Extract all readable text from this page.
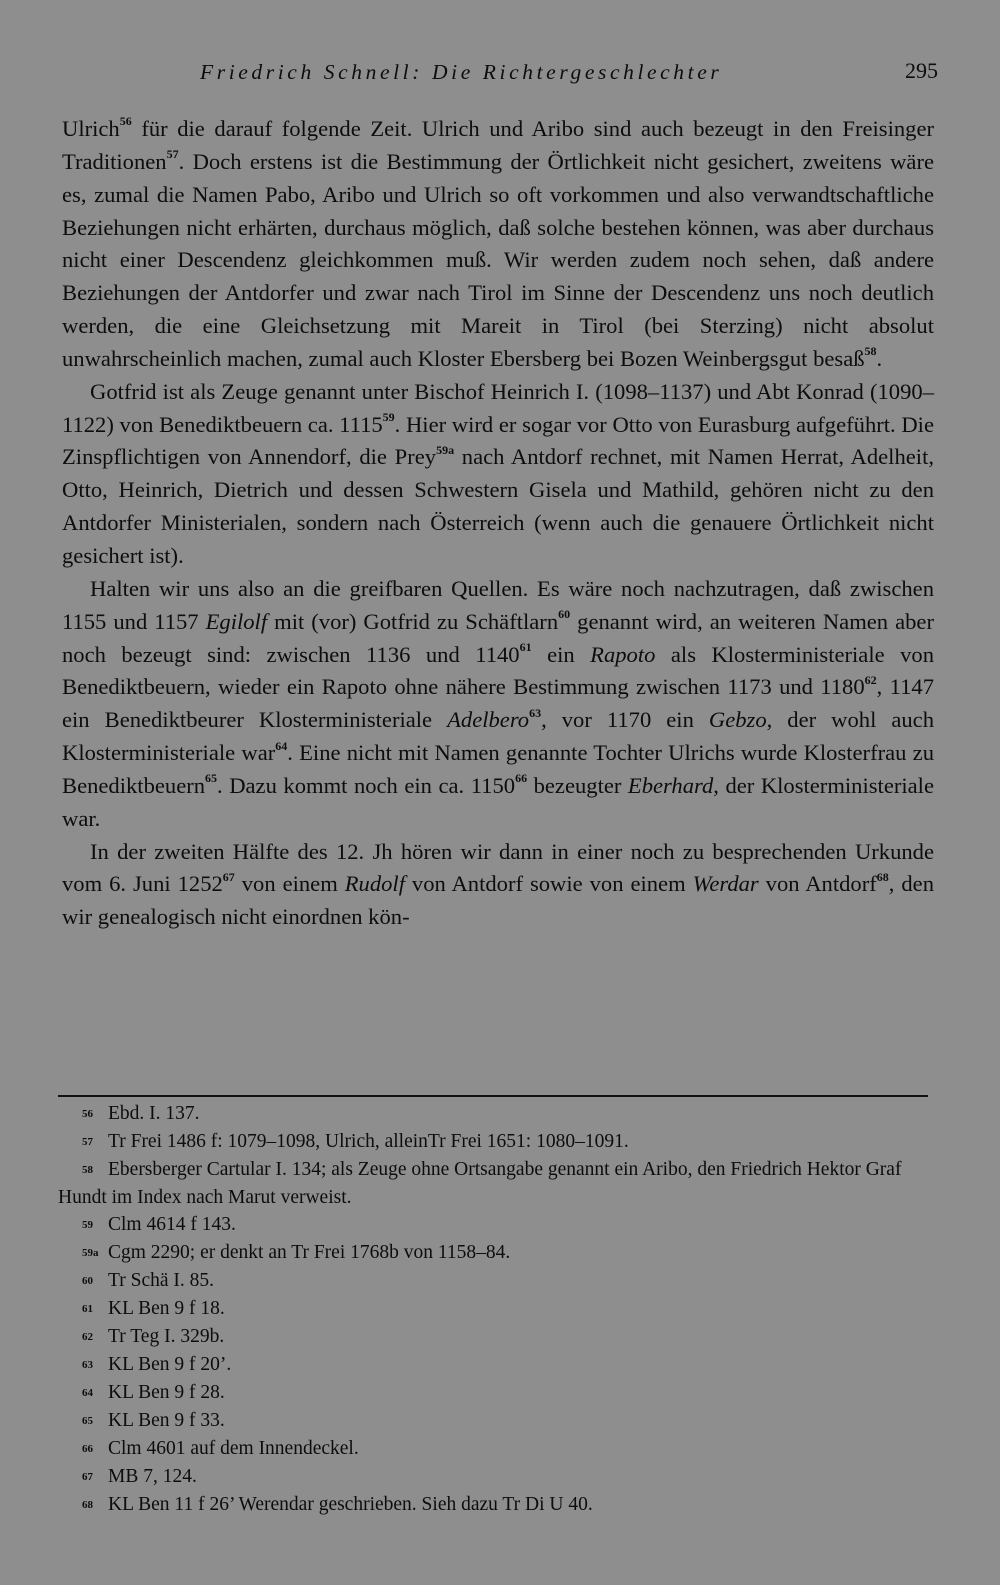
Friedrich Schnell: Die Richtergeschlechter	295

Ulrich$^{56}$ für die darauf folgende Zeit. Ulrich und Aribo sind auch bezeugt in den Freisinger Traditionen$^{57}$. Doch erstens ist die Bestimmung der Örtlichkeit nicht gesichert, zweitens wäre es, zumal die Namen Pabo, Aribo und Ulrich so oft vorkommen und also verwandtschaftliche Beziehungen nicht erhärten, durchaus möglich, daß solche bestehen können, was aber durchaus nicht einer Descendenz gleichkommen muß. Wir werden zudem noch sehen, daß andere Beziehungen der Antdorfer und zwar nach Tirol im Sinne der Descendenz uns noch deutlich werden, die eine Gleichsetzung mit Mareit in Tirol (bei Sterzing) nicht absolut unwahrscheinlich machen, zumal auch Kloster Ebersberg bei Bozen Weinbergsgut besaß$^{58}$.

Gotfrid ist als Zeuge genannt unter Bischof Heinrich I. (1098–1137) und Abt Konrad (1090–1122) von Benediktbeuern ca. 1115$^{59}$. Hier wird er sogar vor Otto von Eurasburg aufgeführt. Die Zinspflichtigen von Annendorf, die Prey$^{59a}$ nach Antdorf rechnet, mit Namen Herrat, Adelheit, Otto, Heinrich, Dietrich und dessen Schwestern Gisela und Mathild, gehören nicht zu den Antdorfer Ministerialen, sondern nach Österreich (wenn auch die genauere Örtlichkeit nicht gesichert ist).

Halten wir uns also an die greifbaren Quellen. Es wäre noch nachzutragen, daß zwischen 1155 und 1157 Egilolf mit (vor) Gotfrid zu Schäftlarn$^{60}$ genannt wird, an weiteren Namen aber noch bezeugt sind: zwischen 1136 und 1140$^{61}$ ein Rapoto als Klosterministeriale von Benediktbeuern, wieder ein Rapoto ohne nähere Bestimmung zwischen 1173 und 1180$^{62}$, 1147 ein Benediktbeurer Klosterministeriale Adelbero$^{63}$, vor 1170 ein Gebzo, der wohl auch Klosterministeriale war$^{64}$. Eine nicht mit Namen genannte Tochter Ulrichs wurde Klosterfrau zu Benediktbeuern$^{65}$. Dazu kommt noch ein ca. 1150$^{66}$ bezeugter Eberhard, der Klosterministeriale war.

In der zweiten Hälfte des 12. Jh hören wir dann in einer noch zu besprechenden Urkunde vom 6. Juni 1252$^{67}$ von einem Rudolf von Antdorf sowie von einem Werdar von Antdorf$^{68}$, den wir genealogisch nicht einordnen kön-

56 Ebd. I. 137.
57 Tr Frei 1486 f: 1079–1098, Ulrich, alleinTr Frei 1651: 1080–1091.
58 Ebersberger Cartular I. 134; als Zeuge ohne Ortsangabe genannt ein Aribo, den Friedrich Hektor Graf Hundt im Index nach Marut verweist.
59 Clm 4614 f 143.
59a Cgm 2290; er denkt an Tr Frei 1768b von 1158–84.
60 Tr Schä I. 85.
61 KL Ben 9 f 18.
62 Tr Teg I. 329b.
63 KL Ben 9 f 20’.
64 KL Ben 9 f 28.
65 KL Ben 9 f 33.
66 Clm 4601 auf dem Innendeckel.
67 MB 7, 124.
68 KL Ben 11 f 26’ Werendar geschrieben. Sieh dazu Tr Di U 40.
